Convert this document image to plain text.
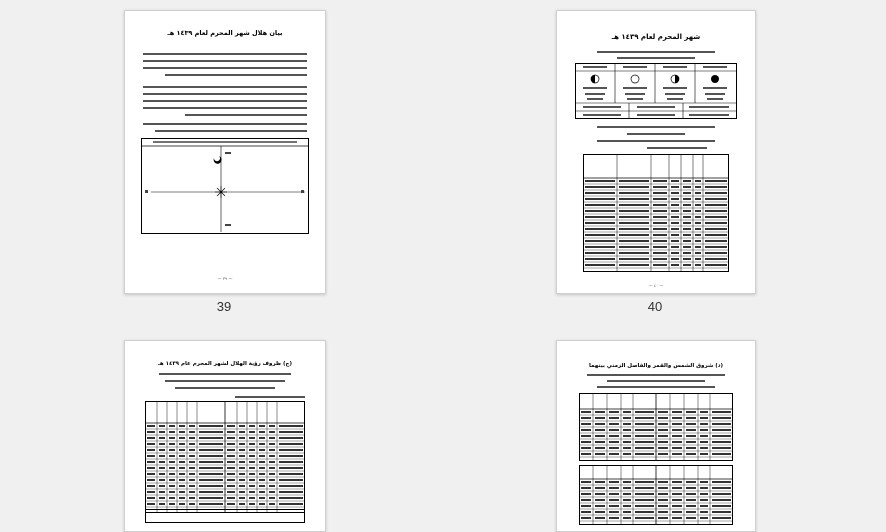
بيان هلال شهر المحرم لعام ١٤٣٩ هـ
— ٣٩ —
39
شهر المحرم لعام ١٤٣٩ هـ
— ٤٠ —
40
(ج) ظروف رؤية الهلال لشهر المحرم عام ١٤٣٩ هـ	(د) شروق الشمس والقمر والفاصل الزمني بينهما
